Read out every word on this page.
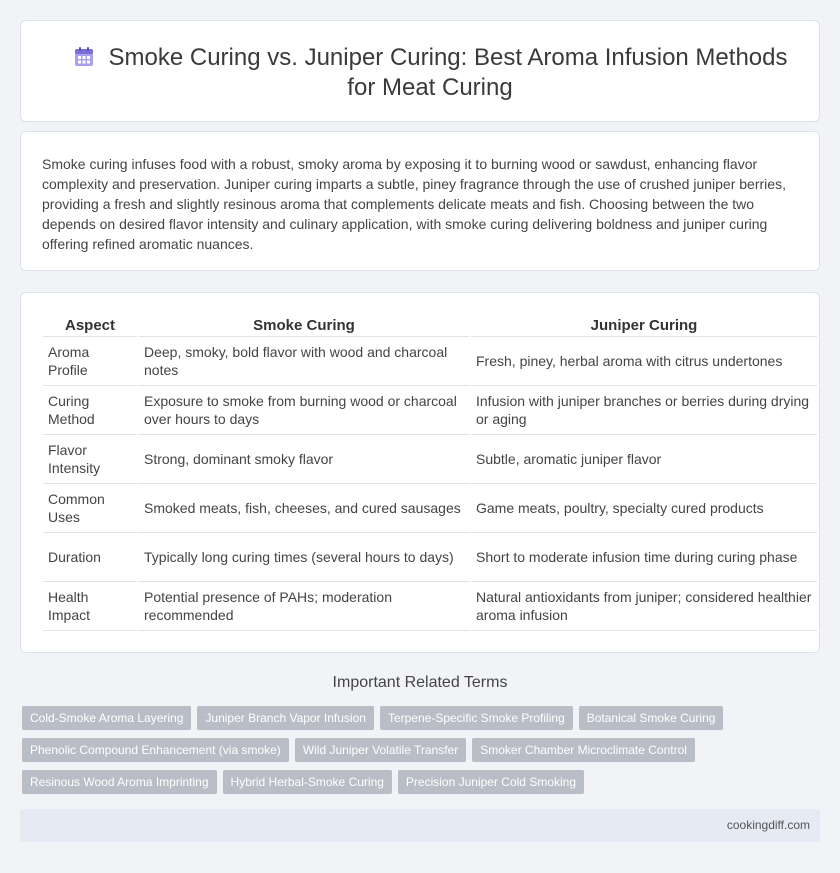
Smoke Curing vs. Juniper Curing: Best Aroma Infusion Methods for Meat Curing

Smoke curing infuses food with a robust, smoky aroma by exposing it to burning wood or sawdust, enhancing flavor complexity and preservation. Juniper curing imparts a subtle, piney fragrance through the use of crushed juniper berries, providing a fresh and slightly resinous aroma that complements delicate meats and fish. Choosing between the two depends on desired flavor intensity and culinary application, with smoke curing delivering boldness and juniper curing offering refined aromatic nuances.

Aspect	Smoke Curing	Juniper Curing
Aroma Profile	Deep, smoky, bold flavor with wood and charcoal notes	Fresh, piney, herbal aroma with citrus undertones
Curing Method	Exposure to smoke from burning wood or charcoal over hours to days	Infusion with juniper branches or berries during drying or aging
Flavor Intensity	Strong, dominant smoky flavor	Subtle, aromatic juniper flavor
Common Uses	Smoked meats, fish, cheeses, and cured sausages	Game meats, poultry, specialty cured products
Duration	Typically long curing times (several hours to days)	Short to moderate infusion time during curing phase
Health Impact	Potential presence of PAHs; moderation recommended	Natural antioxidants from juniper; considered healthier aroma infusion
Important Related Terms
Cold-Smoke Aroma Layering	Juniper Branch Vapor Infusion	Terpene-Specific Smoke Profiling	Botanical Smoke Curing
Phenolic Compound Enhancement (via smoke)	Wild Juniper Volatile Transfer	Smoker Chamber Microclimate Control
Resinous Wood Aroma Imprinting	Hybrid Herbal-Smoke Curing	Precision Juniper Cold Smoking
cookingdiff.com
